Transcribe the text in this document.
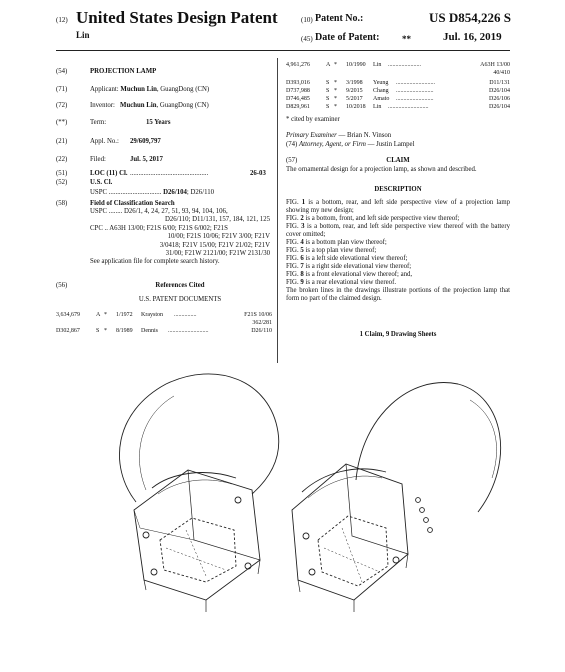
(12) United States Design Patent
Lin
(10) Patent No.:	US D854,226 S
(45) Date of Patent:	**	Jul. 16, 2019
(54)	PROJECTION LAMP
(71)	Applicant: Muchun Lin, GuangDong (CN)
(72)	Inventor: Muchun Lin, GuangDong (CN)
(**)	Term:	15 Years
(21)	Appl. No.: 29/609,797
(22)	Filed:	Jul. 5, 2017
(51)	LOC (11) Cl. ..............................................	26-03
(52)	U.S. Cl.
USPC ............................... D26/104; D26/110
(58)	Field of Classification Search
USPC ........ D26/1, 4, 24, 27, 51, 93, 94, 104, 106,
D26/110; D11/131, 157, 184, 121, 125
CPC .. A63H 13/00; F21S 6/00; F21S 6/002; F21S
10/00; F21S 10/06; F21V 3/00; F21V
3/0418; F21V 15/00; F21V 21/02; F21V
31/00; F21W 2121/00; F21W 2131/30
See application file for complete search history.
(56)	References Cited
U.S. PATENT DOCUMENTS
3,634,679	A * 1/1972 Krayston ...............	F21S 10/06
362/281
D302,867	S * 8/1989 Dennis ...........................	D26/110
4,961,276	A * 10/1990 Lin ......................	A63H 13/00
40/410
D393,016	S * 3/1998 Yeung ..........................	D11/131
D737,988	S * 9/2015 Chang .........................	D26/104
D746,485	S * 5/2017 Amato .........................	D26/106
D829,961	S * 10/2018 Lin ...........................	D26/104
* cited by examiner
Primary Examiner — Brian N. Vinson
(74) Attorney, Agent, or Firm — Justin Lampel
(57)	CLAIM

The ornamental design for a projection lamp, as shown and described.

DESCRIPTION

FIG. 1 is a bottom, rear, and left side perspective view of a projection lamp showing my new design;

FIG. 2 is a bottom, front, and left side perspective view thereof;

FIG. 3 is a bottom, rear, and left side perspective view thereof with the battery cover omitted;

FIG. 4 is a bottom plan view thereof;

FIG. 5 is a top plan view thereof;

FIG. 6 is a left side elevational view thereof;

FIG. 7 is a right side elevational view thereof;

FIG. 8 is a front elevational view thereof; and,

FIG. 9 is a rear elevational view thereof.

The broken lines in the drawings illustrate portions of the projection lamp that form no part of the claimed design.

1 Claim, 9 Drawing Sheets
